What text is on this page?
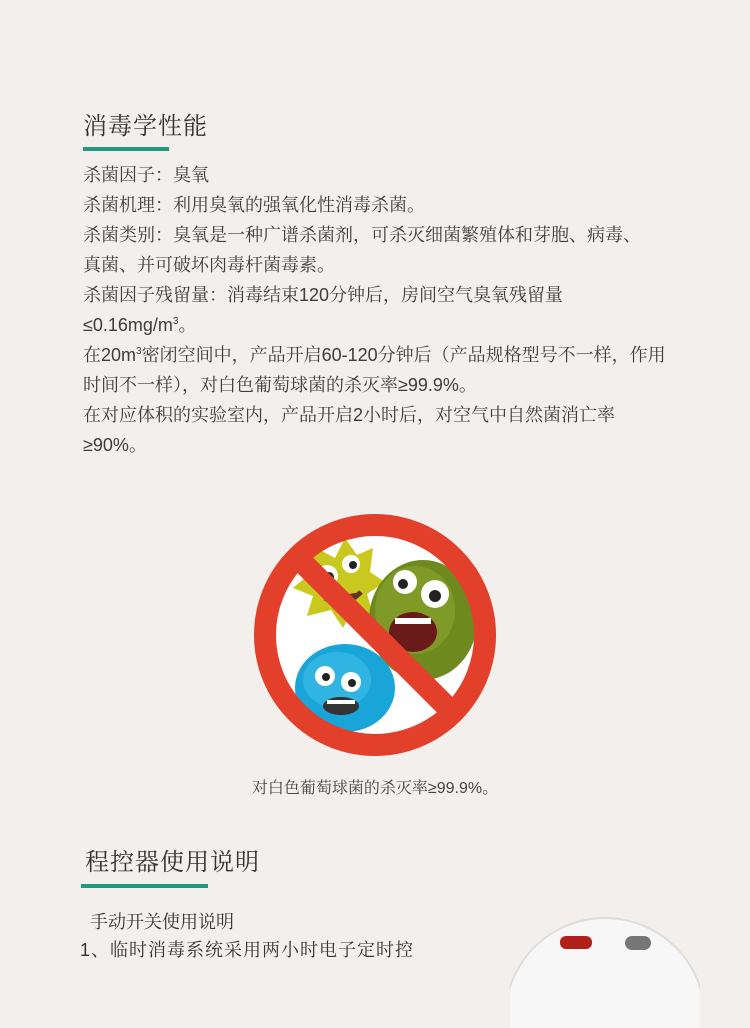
消毒学性能

杀菌因子：臭氧

杀菌机理：利用臭氧的强氧化性消毒杀菌。

杀菌类别：臭氧是一种广谱杀菌剂，可杀灭细菌繁殖体和芽胞、病毒、

真菌、并可破坏肉毒杆菌毒素。

杀菌因子残留量：消毒结束120分钟后，房间空气臭氧残留量

$\le 0.16mg/m^3$。

在$20m^3$密闭空间中，产品开启60-120分钟后（产品规格型号不一样，作用

时间不一样），对白色葡萄球菌的杀灭率≥99.9%。

在对应体积的实验室内，产品开启2小时后，对空气中自然菌消亡率

≥90%。

对白色葡萄球菌的杀灭率≥99.9%。
程控器使用说明
手动开关使用说明
1、临时消毒系统采用两小时电子定时控
